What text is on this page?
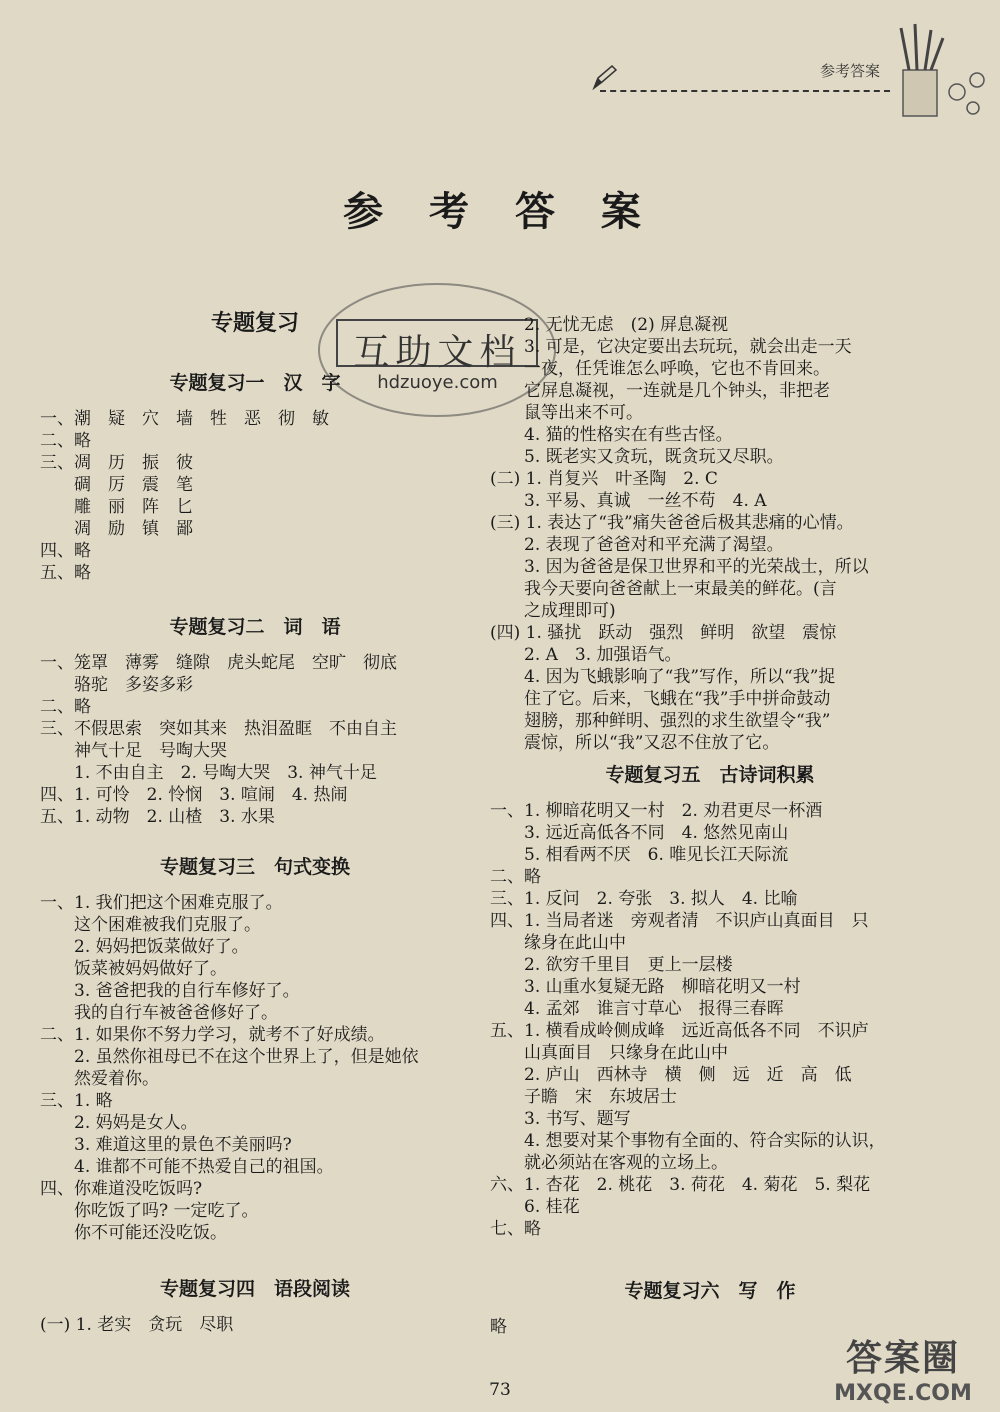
参考答案
参 考 答 案
专题复习
互助文档
hdzuoye.com
专题复习一　汉　字
一、潮　疑　穴　墙　牲　恶　彻　敏
二、略
三、凋　历　振　彼
　　碉　厉　震　笔
　　雕　丽　阵　匕
　　凋　励　镇　鄙
四、略
五、略
专题复习二　词　语
一、笼罩　薄雾　缝隙　虎头蛇尾　空旷　彻底
　　骆驼　多姿多彩
二、略
三、不假思索　突如其来　热泪盈眶　不由自主
　　神气十足　号啕大哭
　　1. 不由自主　2. 号啕大哭　3. 神气十足
四、1. 可怜　2. 怜悯　3. 喧闹　4. 热闹
五、1. 动物　2. 山楂　3. 水果
专题复习三　句式变换
一、1. 我们把这个困难克服了。
　　这个困难被我们克服了。
　　2. 妈妈把饭菜做好了。
　　饭菜被妈妈做好了。
　　3. 爸爸把我的自行车修好了。
　　我的自行车被爸爸修好了。
二、1. 如果你不努力学习，就考不了好成绩。
　　2. 虽然你祖母已不在这个世界上了，但是她依
　　然爱着你。
三、1. 略
　　2. 妈妈是女人。
　　3. 难道这里的景色不美丽吗?
　　4. 谁都不可能不热爱自己的祖国。
四、你难道没吃饭吗?
　　你吃饭了吗? 一定吃了。
　　你不可能还没吃饭。
专题复习四　语段阅读
(一) 1. 老实　贪玩　尽职
　　2. 无忧无虑　(2) 屏息凝视
　　3. 可是，它决定要出去玩玩，就会出走一天
　　一夜，任凭谁怎么呼唤，它也不肯回来。
　　它屏息凝视，一连就是几个钟头，非把老
　　鼠等出来不可。
　　4. 猫的性格实在有些古怪。
　　5. 既老实又贪玩，既贪玩又尽职。
(二) 1. 肖复兴　叶圣陶　2. C
　　3. 平易、真诚　一丝不苟　4. A
(三) 1. 表达了“我”痛失爸爸后极其悲痛的心情。
　　2. 表现了爸爸对和平充满了渴望。
　　3. 因为爸爸是保卫世界和平的光荣战士，所以
　　我今天要向爸爸献上一束最美的鲜花。(言
　　之成理即可)
(四) 1. 骚扰　跃动　强烈　鲜明　欲望　震惊
　　2. A　3. 加强语气。
　　4. 因为飞蛾影响了“我”写作，所以“我”捉
　　住了它。后来，飞蛾在“我”手中拼命鼓动
　　翅膀，那种鲜明、强烈的求生欲望令“我”
　　震惊，所以“我”又忍不住放了它。
专题复习五　古诗词积累
一、1. 柳暗花明又一村　2. 劝君更尽一杯酒
　　3. 远近高低各不同　4. 悠然见南山
　　5. 相看两不厌　6. 唯见长江天际流
二、略
三、1. 反问　2. 夸张　3. 拟人　4. 比喻
四、1. 当局者迷　旁观者清　不识庐山真面目　只
　　缘身在此山中
　　2. 欲穷千里目　更上一层楼
　　3. 山重水复疑无路　柳暗花明又一村
　　4. 孟郊　谁言寸草心　报得三春晖
五、1. 横看成岭侧成峰　远近高低各不同　不识庐
　　山真面目　只缘身在此山中
　　2. 庐山　西林寺　横　侧　远　近　高　低
　　子瞻　宋　东坡居士
　　3. 书写、题写
　　4. 想要对某个事物有全面的、符合实际的认识，
　　就必须站在客观的立场上。
六、1. 杏花　2. 桃花　3. 荷花　4. 菊花　5. 梨花
　　6. 桂花
七、略
专题复习六　写　作
略
73
答案圈
MXQE.COM
